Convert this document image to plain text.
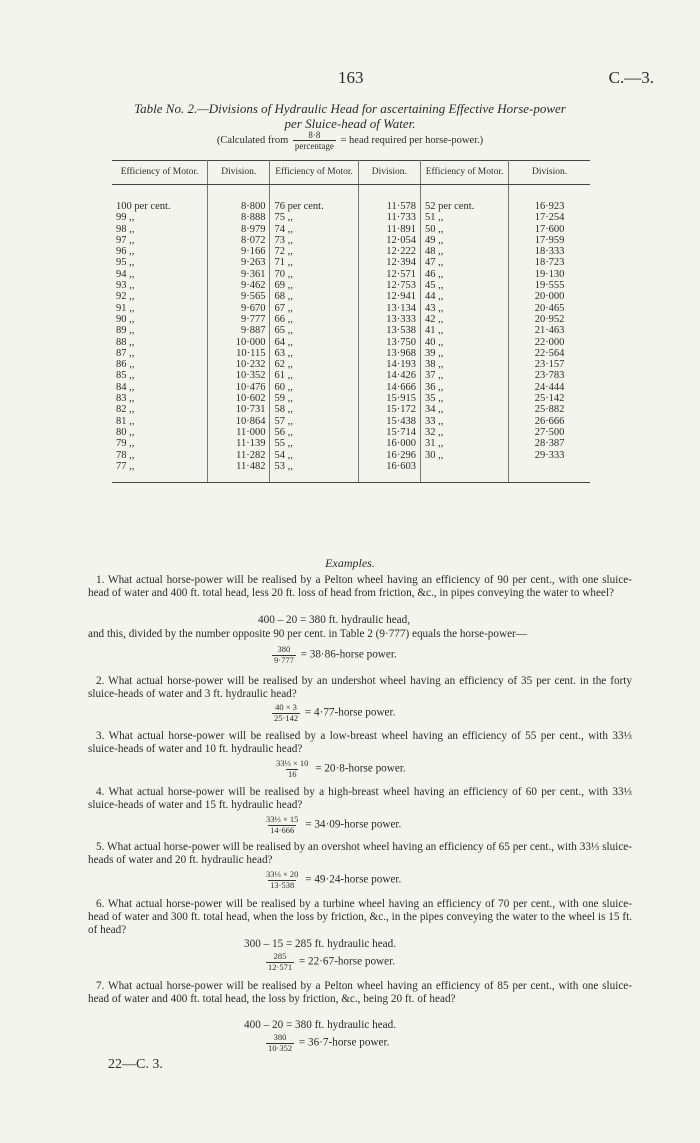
163	C.—3.
Table No. 2.—Divisions of Hydraulic Head for ascertaining Effective Horse-power per Sluice-head of Water.
(Calculated from $\frac{8\cdot 8}{\text{percentage}}$ = head required per horse-power.)
Efficiency of Motor.	Division.	Efficiency of Motor.	Division.	Efficiency of Motor.	Division.

100 per cent.	8·800	76 per cent.	11·578	52 per cent.	16·923
99 ,,	8·888	75 ,,	11·733	51 ,,	17·254
98 ,,	8·979	74 ,,	11·891	50 ,,	17·600
97 ,,	8·072	73 ,,	12·054	49 ,,	17·959
96 ,,	9·166	72 ,,	12·222	48 ,,	18·333
95 ,,	9·263	71 ,,	12·394	47 ,,	18·723
94 ,,	9·361	70 ,,	12·571	46 ,,	19·130
93 ,,	9·462	69 ,,	12·753	45 ,,	19·555
92 ,,	9·565	68 ,,	12·941	44 ,,	20·000
91 ,,	9·670	67 ,,	13·134	43 ,,	20·465
90 ,,	9·777	66 ,,	13·333	42 ,,	20·952
89 ,,	9·887	65 ,,	13·538	41 ,,	21·463
88 ,,	10·000	64 ,,	13·750	40 ,,	22·000
87 ,,	10·115	63 ,,	13·968	39 ,,	22·564
86 ,,	10·232	62 ,,	14·193	38 ,,	23·157
85 ,,	10·352	61 ,,	14·426	37 ,,	23·783
84 ,,	10·476	60 ,,	14·666	36 ,,	24·444
83 ,,	10·602	59 ,,	15·915	35 ,,	25·142
82 ,,	10·731	58 ,,	15·172	34 ,,	25·882
81 ,,	10·864	57 ,,	15·438	33 ,,	26·666
80 ,,	11·000	56 ,,	15·714	32 ,,	27·500
79 ,,	11·139	55 ,,	16·000	31 ,,	28·387
78 ,,	11·282	54 ,,	16·296	30 ,,	29·333
77 ,,	11·482	53 ,,	16·603		

Examples.
1. What actual horse-power will be realised by a Pelton wheel having an efficiency of 90 per cent., with one sluice-head of water and 400 ft. total head, less 20 ft. loss of head from friction, &c., in pipes conveying the water to wheel?
400 – 20 = 380 ft. hydraulic head,
and this, divided by the number opposite 90 per cent. in Table 2 (9·777) equals the horse-power—
$\frac{380}{9\cdot 777}$ = 38·86-horse power.
2. What actual horse-power will be realised by an undershot wheel having an efficiency of 35 per cent. in the forty sluice-heads of water and 3 ft. hydraulic head?
$\frac{40 \times 3}{25\cdot 142}$ = 4·77-horse power.
3. What actual horse-power will be realised by a low-breast wheel having an efficiency of 55 per cent., with 33⅓ sluice-heads of water and 10 ft. hydraulic head?
$\frac{\text{33⅓ × 10}}{16}$ = 20·8-horse power.
4. What actual horse-power will be realised by a high-breast wheel having an efficiency of 60 per cent., with 33⅓ sluice-heads of water and 15 ft. hydraulic head?
$\frac{\text{33⅓ × 15}}{14\cdot 666}$ = 34·09-horse power.
5. What actual horse-power will be realised by an overshot wheel having an efficiency of 65 per cent., with 33⅓ sluice-heads of water and 20 ft. hydraulic head?
$\frac{\text{33⅓ × 20}}{13\cdot 538}$ = 49·24-horse power.
6. What actual horse-power will be realised by a turbine wheel having an efficiency of 70 per cent., with one sluice-head of water and 300 ft. total head, when the loss by friction, &c., in the pipes conveying the water to the wheel is 15 ft. of head?
300 – 15 = 285 ft. hydraulic head.
$\frac{285}{12\cdot 571}$ = 22·67-horse power.
7. What actual horse-power will be realised by a Pelton wheel having an efficiency of 85 per cent., with one sluice-head of water and 400 ft. total head, the loss by friction, &c., being 20 ft. of head?
400 – 20 = 380 ft. hydraulic head.
$\frac{380}{10\cdot 352}$ = 36·7-horse power.
22—C. 3.
